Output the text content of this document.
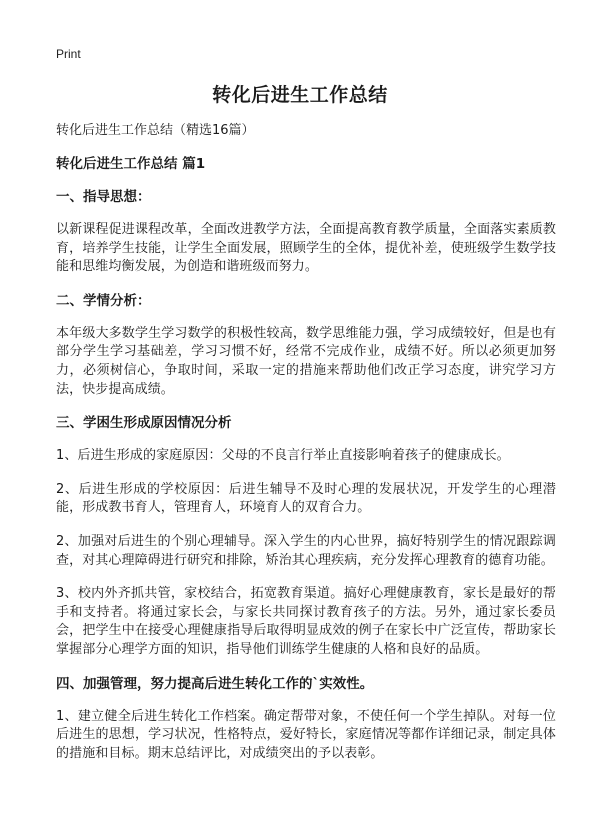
Print
转化后进生工作总结
转化后进生工作总结（精选16篇）
转化后进生工作总结 篇1
一、指导思想：
以新课程促进课程改革，全面改进教学方法，全面提高教育教学质量，全面落实素质教育，培养学生技能，让学生全面发展，照顾学生的全体，提优补差，使班级学生数学技能和思维均衡发展，为创造和谐班级而努力。
二、学情分析：
本年级大多数学生学习数学的积极性较高，数学思维能力强，学习成绩较好，但是也有部分学生学习基础差，学习习惯不好，经常不完成作业，成绩不好。所以必须更加努力，必须树信心，争取时间，采取一定的措施来帮助他们改正学习态度，讲究学习方法，快步提高成绩。
三、学困生形成原因情况分析
1、后进生形成的家庭原因：父母的不良言行举止直接影响着孩子的健康成长。
2、后进生形成的学校原因：后进生辅导不及时心理的发展状况，开发学生的心理潜能，形成教书育人，管理育人，环境育人的双育合力。
2、加强对后进生的个别心理辅导。深入学生的内心世界，搞好特别学生的情况跟踪调查，对其心理障碍进行研究和排除，矫治其心理疾病，充分发挥心理教育的德育功能。
3、校内外齐抓共管，家校结合，拓宽教育渠道。搞好心理健康教育，家长是最好的帮手和支持者。将通过家长会，与家长共同探讨教育孩子的方法。另外，通过家长委员会，把学生中在接受心理健康指导后取得明显成效的例子在家长中广泛宣传，帮助家长掌握部分心理学方面的知识，指导他们训练学生健康的人格和良好的品质。
四、加强管理，努力提高后进生转化工作的`实效性。
1、建立健全后进生转化工作档案。确定帮带对象，不使任何一个学生掉队。对每一位后进生的思想，学习状况，性格特点，爱好特长，家庭情况等都作详细记录，制定具体的措施和目标。期末总结评比，对成绩突出的予以表彰。
